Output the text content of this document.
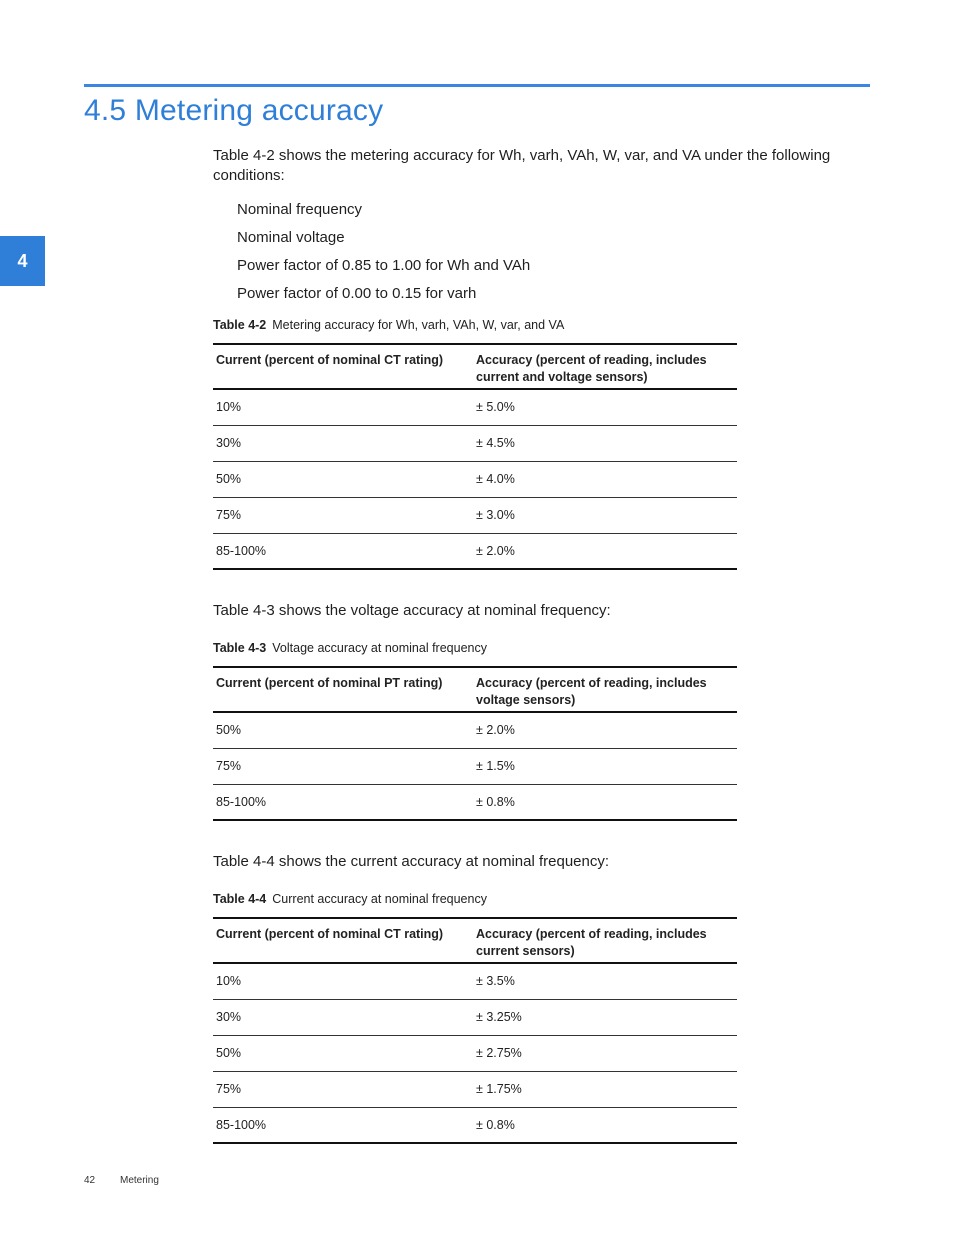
4.5 Metering accuracy
4

Table 4-2 shows the metering accuracy for Wh, varh, VAh, W, var, and VA under the following conditions:

Nominal frequency
Nominal voltage
Power factor of 0.85 to 1.00 for Wh and VAh
Power factor of 0.00 to 0.15 for varh

Table 4-2 Metering accuracy for Wh, varh, VAh, W, var, and VA

Current (percent of nominal CT rating)	Accuracy (percent of reading, includes current and voltage sensors)
10%	± 5.0%
30%	± 4.5%
50%	± 4.0%
75%	± 3.0%
85-100%	± 2.0%

Table 4-3 shows the voltage accuracy at nominal frequency:

Table 4-3 Voltage accuracy at nominal frequency

Current (percent of nominal PT rating)	Accuracy (percent of reading, includes voltage sensors)
50%	± 2.0%
75%	± 1.5%
85-100%	± 0.8%

Table 4-4 shows the current accuracy at nominal frequency:

Table 4-4 Current accuracy at nominal frequency

Current (percent of nominal CT rating)	Accuracy (percent of reading, includes current sensors)
10%	± 3.5%
30%	± 3.25%
50%	± 2.75%
75%	± 1.75%
85-100%	± 0.8%
42 Metering
